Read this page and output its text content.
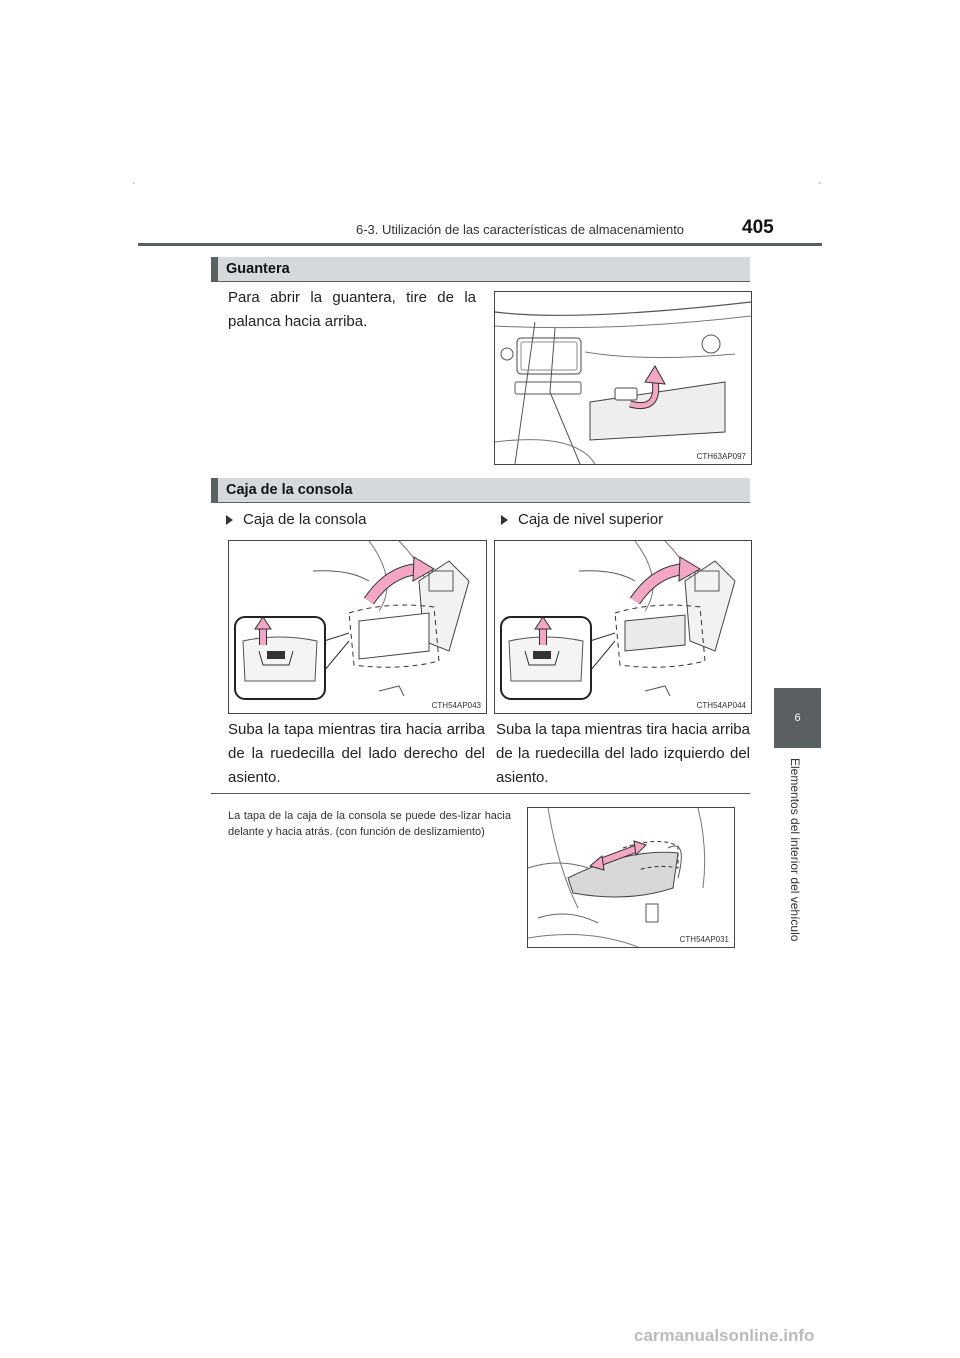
-	-
6-3. Utilización de las características de almacenamiento	405
6
Elementos del interior del vehículo
Guantera
Para abrir la guantera, tire de la palanca hacia arriba.
CTH63AP097
Caja de la consola
Caja de la consola	Caja de nivel superior
CTH54AP043	CTH54AP044
Suba la tapa mientras tira hacia arriba de la ruedecilla del lado derecho del asiento.
Suba la tapa mientras tira hacia arriba de la ruedecilla del lado izquierdo del asiento.
La tapa de la caja de la consola se puede des-lizar hacia delante y hacia atrás. (con función de deslizamiento)
CTH54AP031
carmanualsonline.info
